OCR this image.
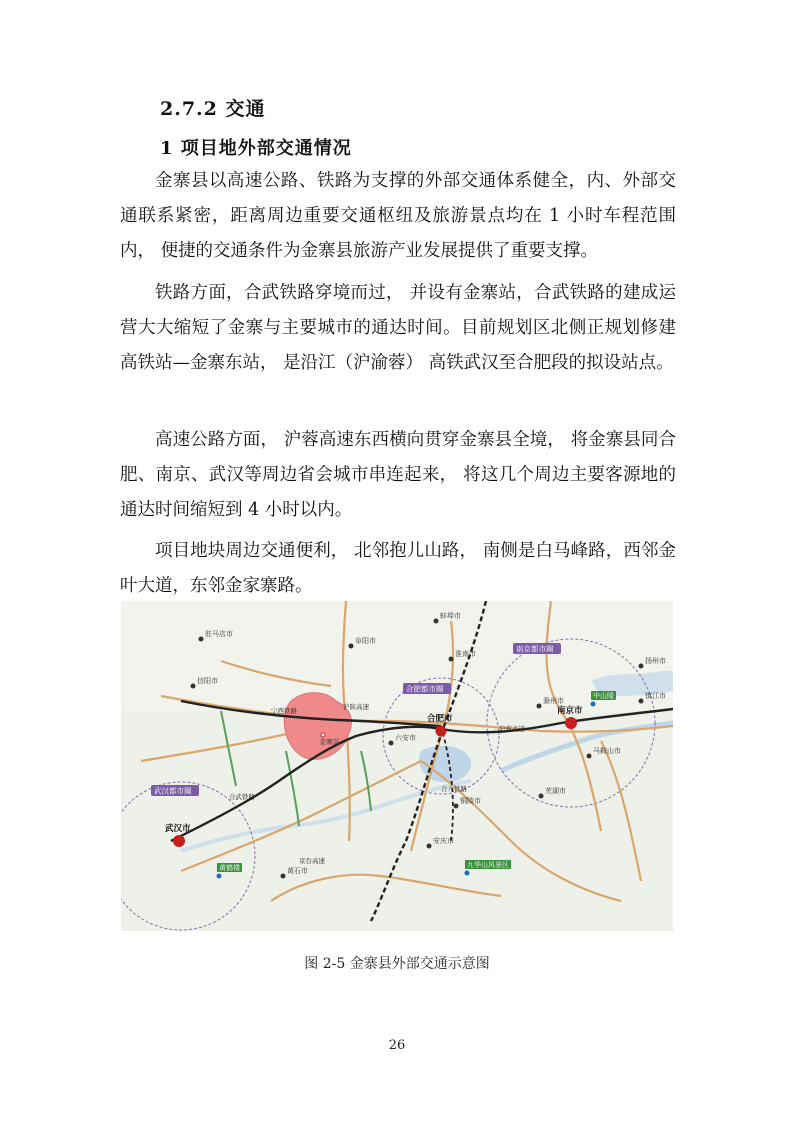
2.7.2 交通
1 项目地外部交通情况

金寨县以高速公路、铁路为支撑的外部交通体系健全，内、外部交通联系紧密，距离周边重要交通枢纽及旅游景点均在 1 小时车程范围内， 便捷的交通条件为金寨县旅游产业发展提供了重要支撑。

铁路方面，合武铁路穿境而过， 并设有金寨站，合武铁路的建成运营大大缩短了金寨与主要城市的通达时间。目前规划区北侧正规划修建高铁站—金寨东站， 是沿江（沪渝蓉） 高铁武汉至合肥段的拟设站点。

高速公路方面， 沪蓉高速东西横向贯穿金寨县全境， 将金寨县同合肥、南京、武汉等周边省会城市串连起来， 将这几个周边主要客源地的通达时间缩短到 4 小时以内。

项目地块周边交通便利， 北邻抱儿山路， 南侧是白马峰路，西邻金叶大道，东邻金家寨路。

武汉都市圈
合肥都市圈
南京都市圈
武汉市
合肥市
南京市
驻马店市
阜阳市
蚌埠市
淮南市
信阳市
六安市
滁州市
马鞍山市
芜湖市
铜陵市
安庆市
黄石市
扬州市
镇江市
黄鹤楼
中山陵
九华山风景区
宁西铁路
合武铁路
沪陕高速
京台高速
合九铁路
沪蓉高速
金寨站
图 2-5 金寨县外部交通示意图
26
